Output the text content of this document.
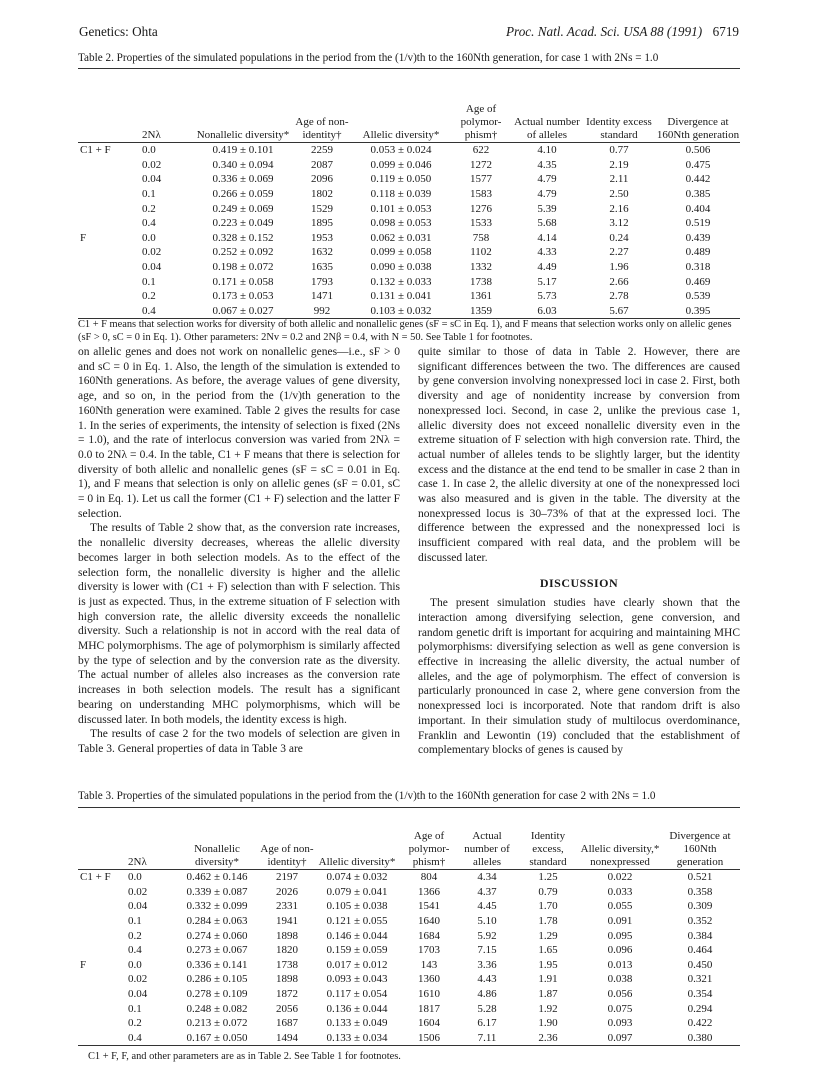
Genetics: Ohta	Proc. Natl. Acad. Sci. USA 88 (1991) 6719
Table 2. Properties of the simulated populations in the period from the (1/v)th to the 160Nth generation, for case 1 with 2Ns = 1.0
	2Nλ	Nonallelic diversity*	Age of non-identity†	Allelic diversity*	Age of polymor-phism†	Actual number of alleles	Identity excess standard	Divergence at 160Nth generation
C1 + F	0.0	0.419 ± 0.101	2259	0.053 ± 0.024	622	4.10	0.77	0.506
	0.02	0.340 ± 0.094	2087	0.099 ± 0.046	1272	4.35	2.19	0.475
	0.04	0.336 ± 0.069	2096	0.119 ± 0.050	1577	4.79	2.11	0.442
	0.1	0.266 ± 0.059	1802	0.118 ± 0.039	1583	4.79	2.50	0.385
	0.2	0.249 ± 0.069	1529	0.101 ± 0.053	1276	5.39	2.16	0.404
	0.4	0.223 ± 0.049	1895	0.098 ± 0.053	1533	5.68	3.12	0.519
F	0.0	0.328 ± 0.152	1953	0.062 ± 0.031	758	4.14	0.24	0.439
	0.02	0.252 ± 0.092	1632	0.099 ± 0.058	1102	4.33	2.27	0.489
	0.04	0.198 ± 0.072	1635	0.090 ± 0.038	1332	4.49	1.96	0.318
	0.1	0.171 ± 0.058	1793	0.132 ± 0.033	1738	5.17	2.66	0.469
	0.2	0.173 ± 0.053	1471	0.131 ± 0.041	1361	5.73	2.78	0.539
	0.4	0.067 ± 0.027	992	0.103 ± 0.032	1359	6.03	5.67	0.395
C1 + F means that selection works for diversity of both allelic and nonallelic genes (sF = sC in Eq. 1), and F means that selection works only on allelic genes (sF > 0, sC = 0 in Eq. 1). Other parameters: 2Nv = 0.2 and 2Nβ = 0.4, with N = 50. See Table 1 for footnotes.

on allelic genes and does not work on nonallelic genes—i.e., sF > 0 and sC = 0 in Eq. 1. Also, the length of the simulation is extended to 160Nth generations. As before, the average values of gene diversity, age, and so on, in the period from the (1/v)th generation to the 160Nth generation were examined. Table 2 gives the results for case 1. In the series of experiments, the intensity of selection is fixed (2Ns = 1.0), and the rate of interlocus conversion was varied from 2Nλ = 0.0 to 2Nλ = 0.4. In the table, C1 + F means that there is selection for diversity of both allelic and nonallelic genes (sF = sC = 0.01 in Eq. 1), and F means that selection is only on allelic genes (sF = 0.01, sC = 0 in Eq. 1). Let us call the former (C1 + F) selection and the latter F selection.

The results of Table 2 show that, as the conversion rate increases, the nonallelic diversity decreases, whereas the allelic diversity becomes larger in both selection models. As to the effect of the selection form, the nonallelic diversity is higher and the allelic diversity is lower with (C1 + F) selection than with F selection. This is just as expected. Thus, in the extreme situation of F selection with high conversion rate, the allelic diversity exceeds the nonallelic diversity. Such a relationship is not in accord with the real data of MHC polymorphisms. The age of polymorphism is similarly affected by the type of selection and by the conversion rate as the diversity. The actual number of alleles also increases as the conversion rate increases in both selection models. The result has a significant bearing on understanding MHC polymorphisms, which will be discussed later. In both models, the identity excess is high.

The results of case 2 for the two models of selection are given in Table 3. General properties of data in Table 3 are

quite similar to those of data in Table 2. However, there are significant differences between the two. The differences are caused by gene conversion involving nonexpressed loci in case 2. First, both diversity and age of nonidentity increase by conversion from nonexpressed loci. Second, in case 2, unlike the previous case 1, allelic diversity does not exceed nonallelic diversity even in the extreme situation of F selection with high conversion rate. Third, the actual number of alleles tends to be slightly larger, but the identity excess and the distance at the end tend to be smaller in case 2 than in case 1. In case 2, the allelic diversity at one of the nonexpressed loci was also measured and is given in the table. The diversity at the nonexpressed locus is 30–73% of that at the expressed loci. The difference between the expressed and the nonexpressed loci is insufficient compared with real data, and the problem will be discussed later.

DISCUSSION

The present simulation studies have clearly shown that the interaction among diversifying selection, gene conversion, and random genetic drift is important for acquiring and maintaining MHC polymorphisms: diversifying selection as well as gene conversion is effective in increasing the allelic diversity, the actual number of alleles, and the age of polymorphism. The effect of conversion is particularly pronounced in case 2, where gene conversion from the nonexpressed loci is incorporated. Note that random drift is also important. In their simulation study of multilocus overdominance, Franklin and Lewontin (19) concluded that the establishment of complementary blocks of genes is caused by

Table 3. Properties of the simulated populations in the period from the (1/v)th to the 160Nth generation for case 2 with 2Ns = 1.0
	2Nλ	Nonallelic diversity*	Age of non-identity†	Allelic diversity*	Age of polymor-phism†	Actual number of alleles	Identity excess, standard	Allelic diversity,* nonexpressed	Divergence at 160Nth generation
C1 + F	0.0	0.462 ± 0.146	2197	0.074 ± 0.032	804	4.34	1.25	0.022	0.521
	0.02	0.339 ± 0.087	2026	0.079 ± 0.041	1366	4.37	0.79	0.033	0.358
	0.04	0.332 ± 0.099	2331	0.105 ± 0.038	1541	4.45	1.70	0.055	0.309
	0.1	0.284 ± 0.063	1941	0.121 ± 0.055	1640	5.10	1.78	0.091	0.352
	0.2	0.274 ± 0.060	1898	0.146 ± 0.044	1684	5.92	1.29	0.095	0.384
	0.4	0.273 ± 0.067	1820	0.159 ± 0.059	1703	7.15	1.65	0.096	0.464
F	0.0	0.336 ± 0.141	1738	0.017 ± 0.012	143	3.36	1.95	0.013	0.450
	0.02	0.286 ± 0.105	1898	0.093 ± 0.043	1360	4.43	1.91	0.038	0.321
	0.04	0.278 ± 0.109	1872	0.117 ± 0.054	1610	4.86	1.87	0.056	0.354
	0.1	0.248 ± 0.082	2056	0.136 ± 0.044	1817	5.28	1.92	0.075	0.294
	0.2	0.213 ± 0.072	1687	0.133 ± 0.049	1604	6.17	1.90	0.093	0.422
	0.4	0.167 ± 0.050	1494	0.133 ± 0.034	1506	7.11	2.36	0.097	0.380
C1 + F, F, and other parameters are as in Table 2. See Table 1 for footnotes.
